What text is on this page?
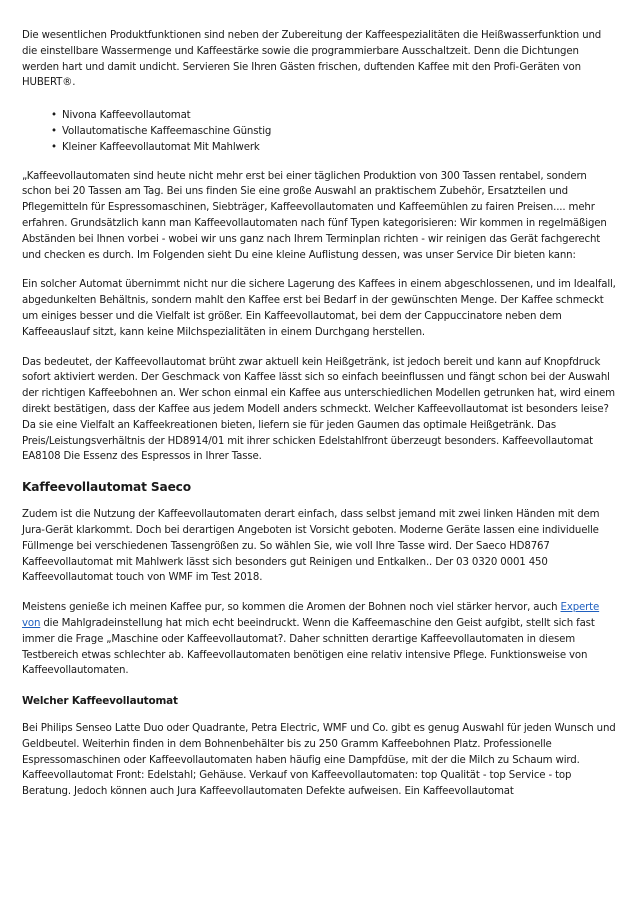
Die wesentlichen Produktfunktionen sind neben der Zubereitung der Kaffeespezialitäten die Heißwasserfunktion und die einstellbare Wassermenge und Kaffeestärke sowie die programmierbare Ausschaltzeit. Denn die Dichtungen werden hart und damit undicht. Servieren Sie Ihren Gästen frischen, duftenden Kaffee mit den Profi-Geräten von HUBERT®.

• Nivona Kaffeevollautomat
• Vollautomatische Kaffeemaschine Günstig
• Kleiner Kaffeevollautomat Mit Mahlwerk

„Kaffeevollautomaten sind heute nicht mehr erst bei einer täglichen Produktion von 300 Tassen rentabel, sondern schon bei 20 Tassen am Tag. Bei uns finden Sie eine große Auswahl an praktischem Zubehör, Ersatzteilen und Pflegemitteln für Espressomaschinen, Siebträger, Kaffeevollautomaten und Kaffeemühlen zu fairen Preisen.... mehr erfahren. Grundsätzlich kann man Kaffeevollautomaten nach fünf Typen kategorisieren: Wir kommen in regelmäßigen Abständen bei Ihnen vorbei - wobei wir uns ganz nach Ihrem Terminplan richten - wir reinigen das Gerät fachgerecht und checken es durch. Im Folgenden sieht Du eine kleine Auflistung dessen, was unser Service Dir bieten kann:

Ein solcher Automat übernimmt nicht nur die sichere Lagerung des Kaffees in einem abgeschlossenen, und im Idealfall, abgedunkelten Behältnis, sondern mahlt den Kaffee erst bei Bedarf in der gewünschten Menge. Der Kaffee schmeckt um einiges besser und die Vielfalt ist größer. Ein Kaffeevollautomat, bei dem der Cappuccinatore neben dem Kaffeeauslauf sitzt, kann keine Milchspezialitäten in einem Durchgang herstellen.

Das bedeutet, der Kaffeevollautomat brüht zwar aktuell kein Heißgetränk, ist jedoch bereit und kann auf Knopfdruck sofort aktiviert werden. Der Geschmack von Kaffee lässt sich so einfach beeinflussen und fängt schon bei der Auswahl der richtigen Kaffeebohnen an. Wer schon einmal ein Kaffee aus unterschiedlichen Modellen getrunken hat, wird einem direkt bestätigen, dass der Kaffee aus jedem Modell anders schmeckt. Welcher Kaffeevollautomat ist besonders leise? Da sie eine Vielfalt an Kaffeekreationen bieten, liefern sie für jeden Gaumen das optimale Heißgetränk. Das Preis/Leistungsverhältnis der HD8914/01 mit ihrer schicken Edelstahlfront überzeugt besonders. Kaffeevollautomat EA8108 Die Essenz des Espressos in Ihrer Tasse.

Kaffeevollautomat Saeco

Zudem ist die Nutzung der Kaffeevollautomaten derart einfach, dass selbst jemand mit zwei linken Händen mit dem Jura-Gerät klarkommt. Doch bei derartigen Angeboten ist Vorsicht geboten. Moderne Geräte lassen eine individuelle Füllmenge bei verschiedenen Tassengrößen zu. So wählen Sie, wie voll Ihre Tasse wird. Der Saeco HD8767 Kaffeevollautomat mit Mahlwerk lässt sich besonders gut Reinigen und Entkalken.. Der 03 0320 0001 450 Kaffeevollautomat touch von WMF im Test 2018.

Meistens genieße ich meinen Kaffee pur, so kommen die Aromen der Bohnen noch viel stärker hervor, auch Experte von die Mahlgradeinstellung hat mich echt beeindruckt. Wenn die Kaffeemaschine den Geist aufgibt, stellt sich fast immer die Frage „Maschine oder Kaffeevollautomat?. Daher schnitten derartige Kaffeevollautomaten in diesem Testbereich etwas schlechter ab. Kaffeevollautomaten benötigen eine relativ intensive Pflege. Funktionsweise von Kaffeevollautomaten.

Welcher Kaffeevollautomat

Bei Philips Senseo Latte Duo oder Quadrante, Petra Electric, WMF und Co. gibt es genug Auswahl für jeden Wunsch und Geldbeutel. Weiterhin finden in dem Bohnenbehälter bis zu 250 Gramm Kaffeebohnen Platz. Professionelle Espressomaschinen oder Kaffeevollautomaten haben häufig eine Dampfdüse, mit der die Milch zu Schaum wird. Kaffeevollautomat Front: Edelstahl; Gehäuse. Verkauf von Kaffeevollautomaten: top Qualität - top Service - top Beratung. Jedoch können auch Jura Kaffeevollautomaten Defekte aufweisen. Ein Kaffeevollautomat
